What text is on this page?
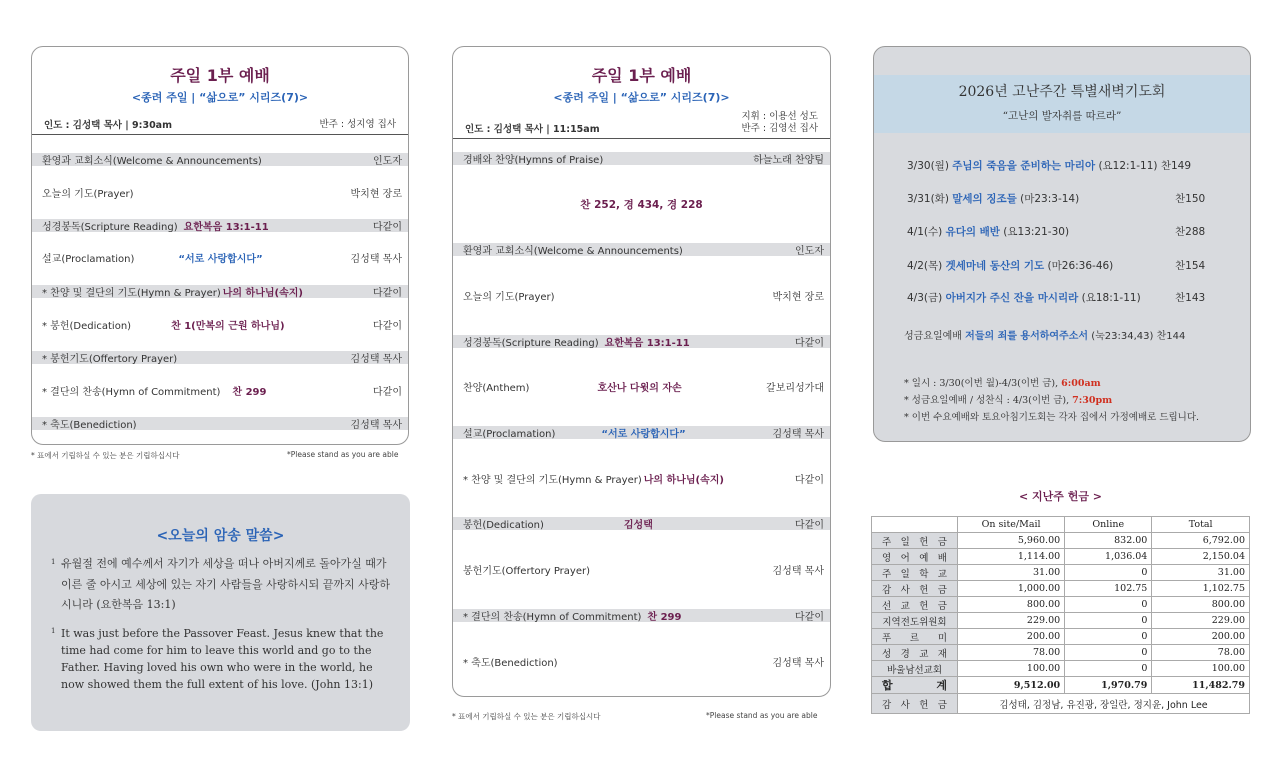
주일 1부 예배
<종려 주일 | “삶으로” 시리즈(7)>
인도 : 김성택 목사 | 9:30am	반주 : 성지영 집사
환영과 교회소식(Welcome & Announcements)	인도자
오늘의 기도(Prayer)	박치현 장로
성경봉독(Scripture Reading) 요한복음 13:1-11	다같이
설교(Proclamation)	“서로 사랑합시다”	김성택 목사
* 찬양 및 결단의 기도(Hymn & Prayer) 나의 하나님(속지)	다같이
* 봉헌(Dedication)	찬 1(만복의 근원 하나님)	다같이
* 봉헌기도(Offertory Prayer)	김성택 목사
* 결단의 찬송(Hymn of Commitment) 찬 299	다같이
* 축도(Benediction)	김성택 목사
* 표에서 기립하실 수 있는 분은 기립하십시다	*Please stand as you are able
<오늘의 암송 말씀>
1 유월절 전에 예수께서 자기가 세상을 떠나 아버지께로 돌아가실 때가 이른 줄 아시고 세상에 있는 자기 사람들을 사랑하시되 끝까지 사랑하시니라 (요한복음 13:1)
1 It was just before the Passover Feast. Jesus knew that the time had come for him to leave this world and go to the Father. Having loved his own who were in the world, he now showed them the full extent of his love. (John 13:1)
주일 1부 예배
<종려 주일 | “삶으로” 시리즈(7)>
인도 : 김성택 목사 | 11:15am
지휘 : 이용선 성도
반주 : 김영선 집사
경배와 찬양(Hymns of Praise)	하늘노래 찬양팀
찬 252, 경 434, 경 228
환영과 교회소식(Welcome & Announcements)	인도자
오늘의 기도(Prayer)	박치현 장로
성경봉독(Scripture Reading) 요한복음 13:1-11	다같이
찬양(Anthem)	호산나 다윗의 자손	갈보리성가대
설교(Proclamation)	“서로 사랑합시다”	김성택 목사
* 찬양 및 결단의 기도(Hymn & Prayer) 나의 하나님(속지)	다같이
봉헌(Dedication)	김성택	다같이
봉헌기도(Offertory Prayer)	김성택 목사
* 결단의 찬송(Hymn of Commitment) 찬 299	다같이
* 축도(Benediction)	김성택 목사
* 표에서 기립하실 수 있는 분은 기립하십시다	*Please stand as you are able
2026년 고난주간 특별새벽기도회
“고난의 발자취를 따르라”
3/30(월) 주님의 죽음을 준비하는 마리아 (요12:1-11) 찬149
3/31(화) 말세의 징조들 (마23:3-14)	찬150
4/1(수) 유다의 배반 (요13:21-30)	찬288
4/2(목) 겟세마네 동산의 기도 (마26:36-46)	찬154
4/3(금) 아버지가 주신 잔을 마시리라 (요18:1-11)	찬143
성금요일예배 저들의 죄를 용서하여주소서 (눅23:34,43) 찬144
* 일시 : 3/30(이번 월)-4/3(이번 금), 6:00am
* 성금요일예배 / 성찬식 : 4/3(이번 금), 7:30pm
* 이번 수요예배와 토요아침기도회는 각자 집에서 가정예배로 드립니다.
< 지난주 헌금 >
	On site/Mail	Online	Total
주 일 헌 금	5,960.00	832.00	6,792.00
영 어 예 배	1,114.00	1,036.04	2,150.04
주 일 학 교	31.00	0	31.00
감 사 헌 금	1,000.00	102.75	1,102.75
선 교 헌 금	800.00	0	800.00
지역전도위원회	229.00	0	229.00
푸 르 미	200.00	0	200.00
성 경 교 재	78.00	0	78.00
바울남선교회	100.00	0	100.00
합 계	9,512.00	1,970.79	11,482.79
감 사 헌 금	김성태, 김정남, 유진광, 장일란, 정지윤, John Lee		
